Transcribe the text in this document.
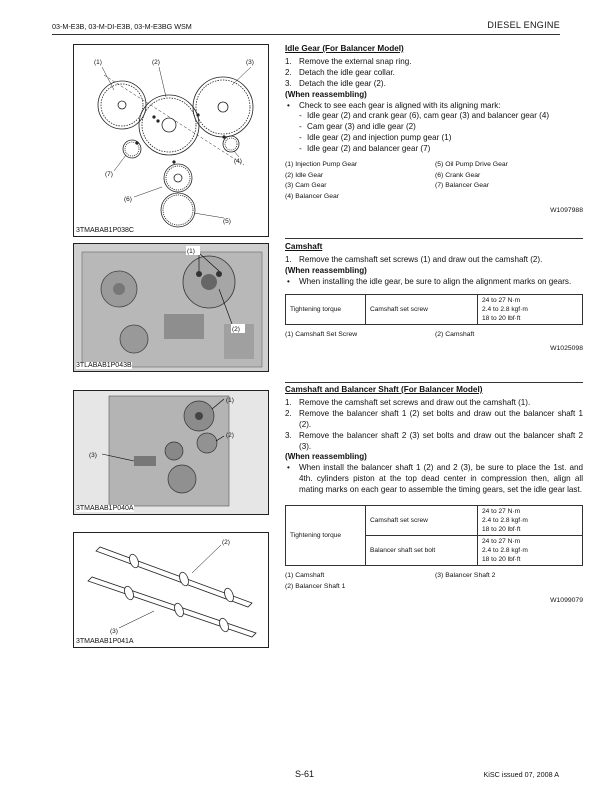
03-M-E3B, 03-M-DI-E3B, 03-M-E3BG WSM	DIESEL ENGINE
(1)	(2)	(3)
(4)
(5)
(6)
(7)
3TMABAB1P038C
(1)
(2)
3TLABAB1P043B
(1)
(2)
(3)
3TMABAB1P040A
(2)
(3)
3TMABAB1P041A
Idle Gear (For Balancer Model)
1. Remove the external snap ring.
2. Detach the idle gear collar.
3. Detach the idle gear (2).
(When reassembling)
•	Check to see each gear is aligned with its aligning mark:
- Idle gear (2) and crank gear (6), cam gear (3) and balancer gear (4)
- Cam gear (3) and idle gear (2)
- Idle gear (2) and injection pump gear (1)
- Idle gear (2) and balancer gear (7)
(1) Injection Pump Gear	(5) Oil Pump Drive Gear
(2) Idle Gear	(6) Crank Gear
(3) Cam Gear	(7) Balancer Gear
(4) Balancer Gear
W1097988
Camshaft
1. Remove the camshaft set screws (1) and draw out the camshaft (2).
(When reassembling)
•	When installing the idle gear, be sure to align the alignment marks on gears.
Tightening torque	Camshaft set screw	
24 to 27 N·m
2.4 to 2.8 kgf·m
18 to 20 lbf·ft
(1) Camshaft Set Screw	(2) Camshaft
W1025098
Camshaft and Balancer Shaft (For Balancer Model)
1. Remove the camshaft set screws and draw out the camshaft (1).
2. Remove the balancer shaft 1 (2) set bolts and draw out the balancer shaft 1 (2).
3. Remove the balancer shaft 2 (3) set bolts and draw out the balancer shaft 2 (3).
(When reassembling)
•	When install the balancer shaft 1 (2) and 2 (3), be sure to place the 1st. and 4th. cylinders piston at the top dead center in compression then, align all mating marks on each gear to assemble the timing gears, set the idle gear last.
Tightening torque	Camshaft set screw	24 to 27 N·m
2.4 to 2.8 kgf·m
18 to 20 lbf·ft

	Balancer shaft set bolt	24 to 27 N·m
2.4 to 2.8 kgf·m
18 to 20 lbf·ft
(1) Camshaft	(3) Balancer Shaft 2
(2) Balancer Shaft 1
W1099079
S-61	KiSC issued 07, 2008 A
